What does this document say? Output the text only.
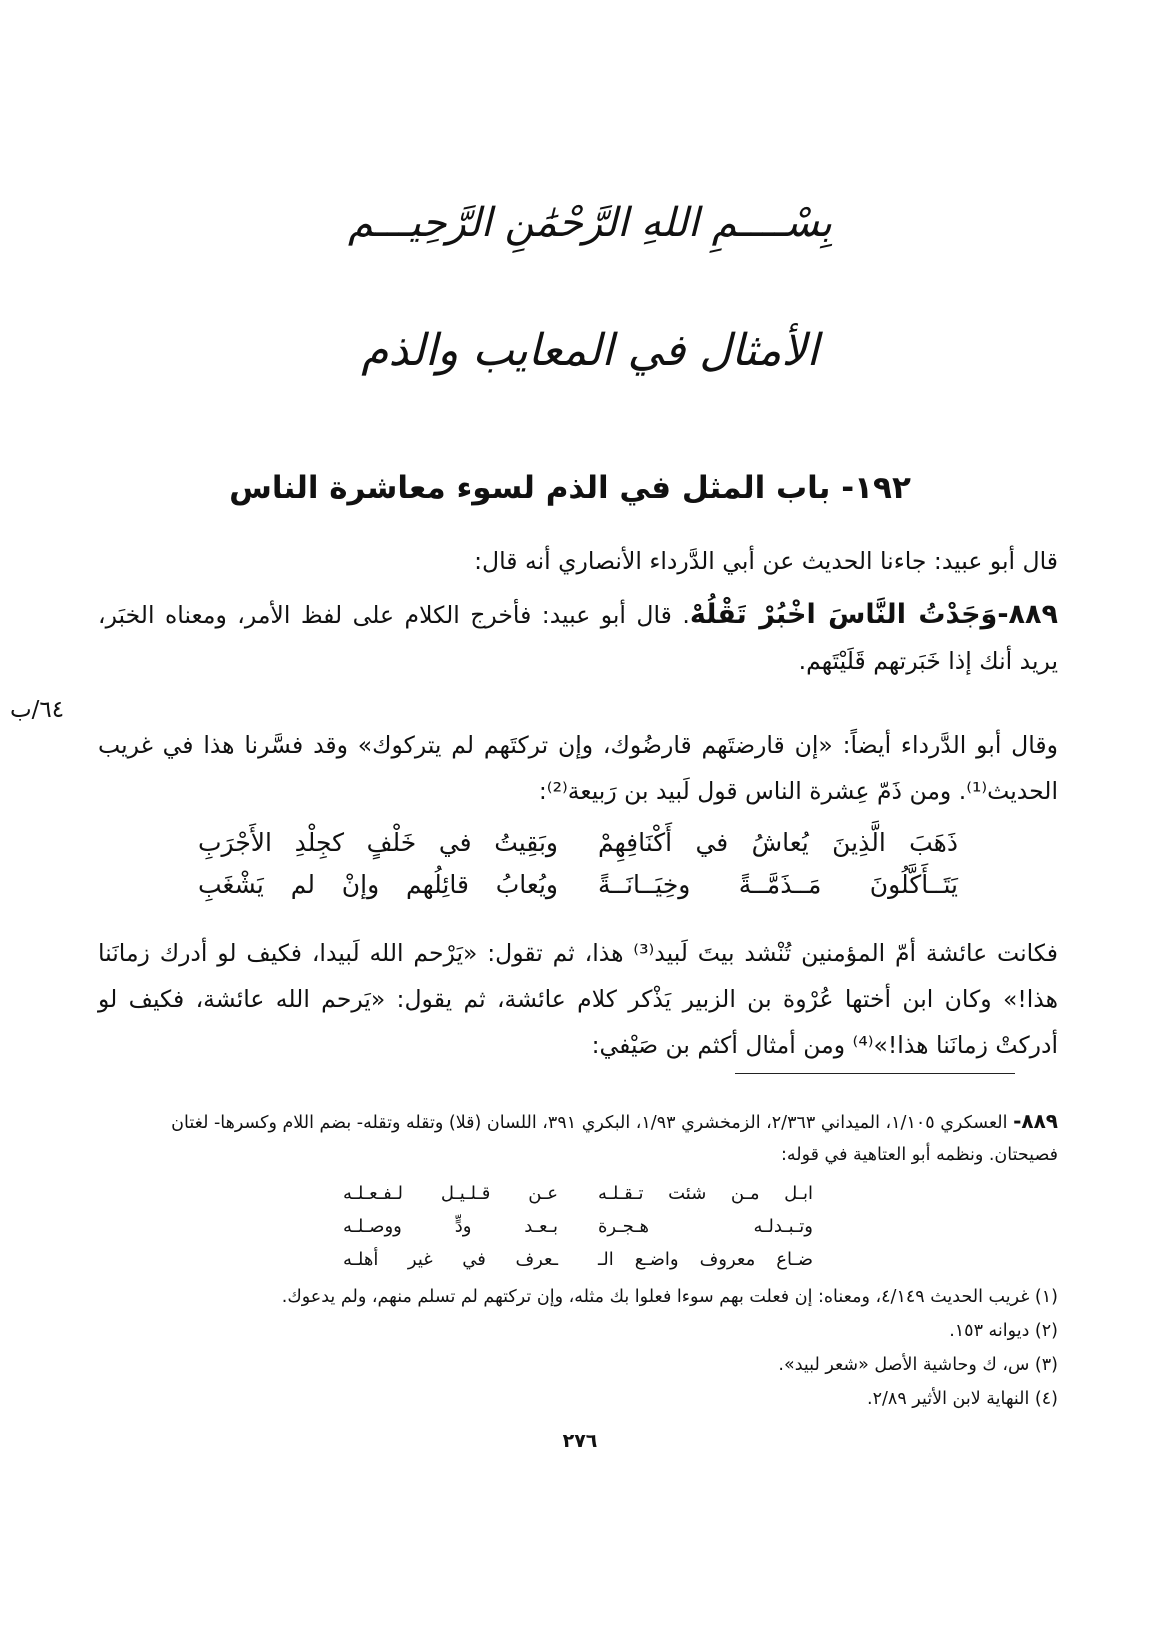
بِسْــــمِ اللهِ الرَّحْمَٰنِ الرَّحِيـــم
الأمثال في المعايب والذم
١٩٢- باب المثل في الذم لسوء معاشرة الناس
٦٤/ب
قال أبو عبيد: جاءنا الحديث عن أبي الدَّرداء الأنصاري أنه قال:
٨٨٩-وَجَدْتُ النَّاسَ اخْبُرْ تَقْلُهْ. قال أبو عبيد: فأخرج الكلام على لفظ الأمر، ومعناه الخبَر، يريد أنك إذا خَبَرتهم قَلَيْتَهم.
وقال أبو الدَّرداء أيضاً: «إن قارضتَهم قارضُوك، وإن تركتَهم لم يتركوك» وقد فسَّرنا هذا في غريب الحديث⁽¹⁾. ومن ذَمّ عِشرة الناس قول لَبيد بن رَبيعة⁽²⁾:
ذَهَبَ الَّذِينَ يُعاشُ في أَكْنَافِهِمْ
وبَقِيتُ في خَلْفٍ كجِلْدِ الأَجْرَبِ
يَتَــأَكَّلُونَ مَــذَمَّــةً وخِيَــانَــةً
ويُعابُ قائِلُهم وإنْ لم يَشْغَبِ
فكانت عائشة أمّ المؤمنين تُنْشد بيتَ لَبيد⁽³⁾ هذا، ثم تقول: «يَرْحم الله لَبيدا، فكيف لو أدرك زمانَنا هذا!» وكان ابن أختها عُرْوة بن الزبير يَذْكر كلام عائشة، ثم يقول: «يَرحم الله عائشة، فكيف لو أدركتْ زمانَنا هذا!»⁽⁴⁾ ومن أمثال أكثم بن صَيْفي:
٨٨٩- العسكري ١/١٠٥، الميداني ٢/٣٦٣، الزمخشري ١/٩٣، البكري ٣٩١، اللسان (قلا) وتقله وتقله- بضم اللام وكسرها- لغتان فصيحتان. ونظمه أبو العتاهية في قوله:
ابـل مـن شئت تـقـلـه
عـن قـلـيـل لـفـعـلـه
وتـبـدلـه هـجـرة
بـعـد ودٍّ ووصـلـه
ضـاع معروف واضـع الـ
ـعرف في غير أهلـه
(١) غريب الحديث ٤/١٤٩، ومعناه: إن فعلت بهم سوءا فعلوا بك مثله، وإن تركتهم لم تسلم منهم، ولم يدعوك.
(٢) ديوانه ١٥٣.
(٣) س، ك وحاشية الأصل «شعر لبيد».
(٤) النهاية لابن الأثير ٢/٨٩.
٢٧٦
